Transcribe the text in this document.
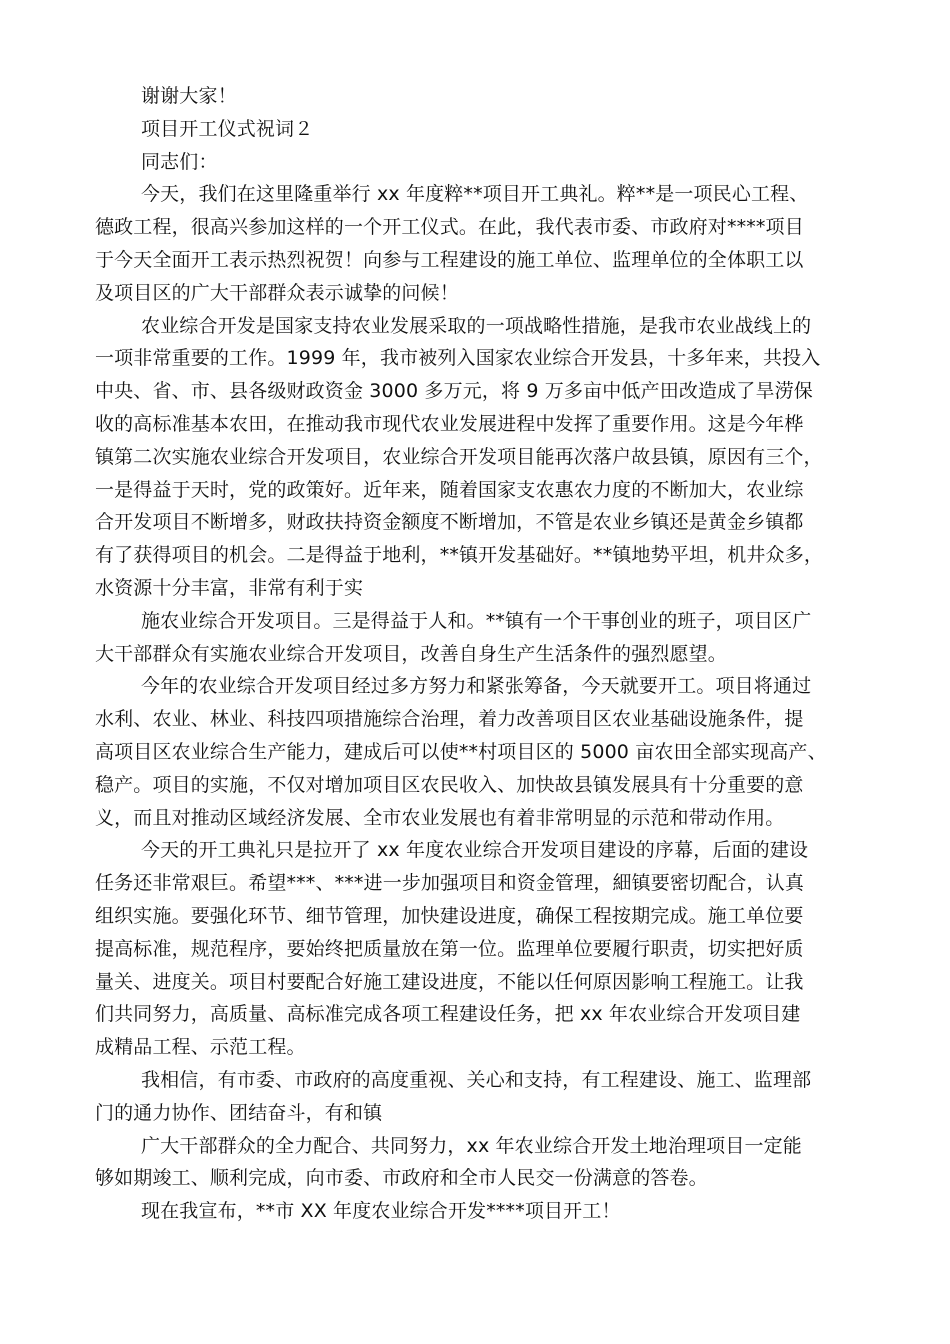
谢谢大家！
项目开工仪式祝词２
同志们：
今天，我们在这里隆重举行 xx 年度粹**项目开工典礼。粹**是一项民心工程、
德政工程，很高兴参加这样的一个开工仪式。在此，我代表市委、市政府对****项目
于今天全面开工表示热烈祝贺！向参与工程建设的施工单位、监理单位的全体职工以
及项目区的广大干部群众表示诚挚的问候！
农业综合开发是国家支持农业发展采取的一项战略性措施，是我市农业战线上的
一项非常重要的工作。1999 年，我市被列入国家农业综合开发县，十多年来，共投入
中央、省、市、县各级财政资金 3000 多万元，将 9 万多亩中低产田改造成了旱涝保
收的高标准基本农田，在推动我市现代农业发展进程中发挥了重要作用。这是今年桦
镇第二次实施农业综合开发项目，农业综合开发项目能再次落户故县镇，原因有三个，
一是得益于天时，党的政策好。近年来，随着国家支农惠农力度的不断加大，农业综
合开发项目不断增多，财政扶持资金额度不断增加，不管是农业乡镇还是黄金乡镇都
有了获得项目的机会。二是得益于地利，**镇开发基础好。**镇地势平坦，机井众多，
水资源十分丰富，非常有利于实
施农业综合开发项目。三是得益于人和。**镇有一个干事创业的班子，项目区广
大干部群众有实施农业综合开发项目，改善自身生产生活条件的强烈愿望。
今年的农业综合开发项目经过多方努力和紧张筹备，今天就要开工。项目将通过
水利、农业、林业、科技四项措施综合治理，着力改善项目区农业基础设施条件，提
高项目区农业综合生产能力，建成后可以使**村项目区的 5000 亩农田全部实现高产、
稳产。项目的实施，不仅对增加项目区农民收入、加快故县镇发展具有十分重要的意
义，而且对推动区域经济发展、全市农业发展也有着非常明显的示范和带动作用。
今天的开工典礼只是拉开了 xx 年度农业综合开发项目建设的序幕，后面的建设
任务还非常艰巨。希望***、***进一步加强项目和资金管理，細镇要密切配合，认真
组织实施。要强化环节、细节管理，加快建设进度，确保工程按期完成。施工单位要
提高标准，规范程序，要始终把质量放在第一位。监理单位要履行职责，切实把好质
量关、进度关。项目村要配合好施工建设进度，不能以任何原因影响工程施工。让我
们共同努力，高质量、高标准完成各项工程建设任务，把 xx 年农业综合开发项目建
成精品工程、示范工程。
我相信，有市委、市政府的高度重视、关心和支持，有工程建设、施工、监理部
门的通力协作、团结奋斗，有和镇
广大干部群众的全力配合、共同努力，xx 年农业综合开发土地治理项目一定能
够如期竣工、顺利完成，向市委、市政府和全市人民交一份满意的答卷。
现在我宣布，**市 XX 年度农业综合开发****项目开工！
